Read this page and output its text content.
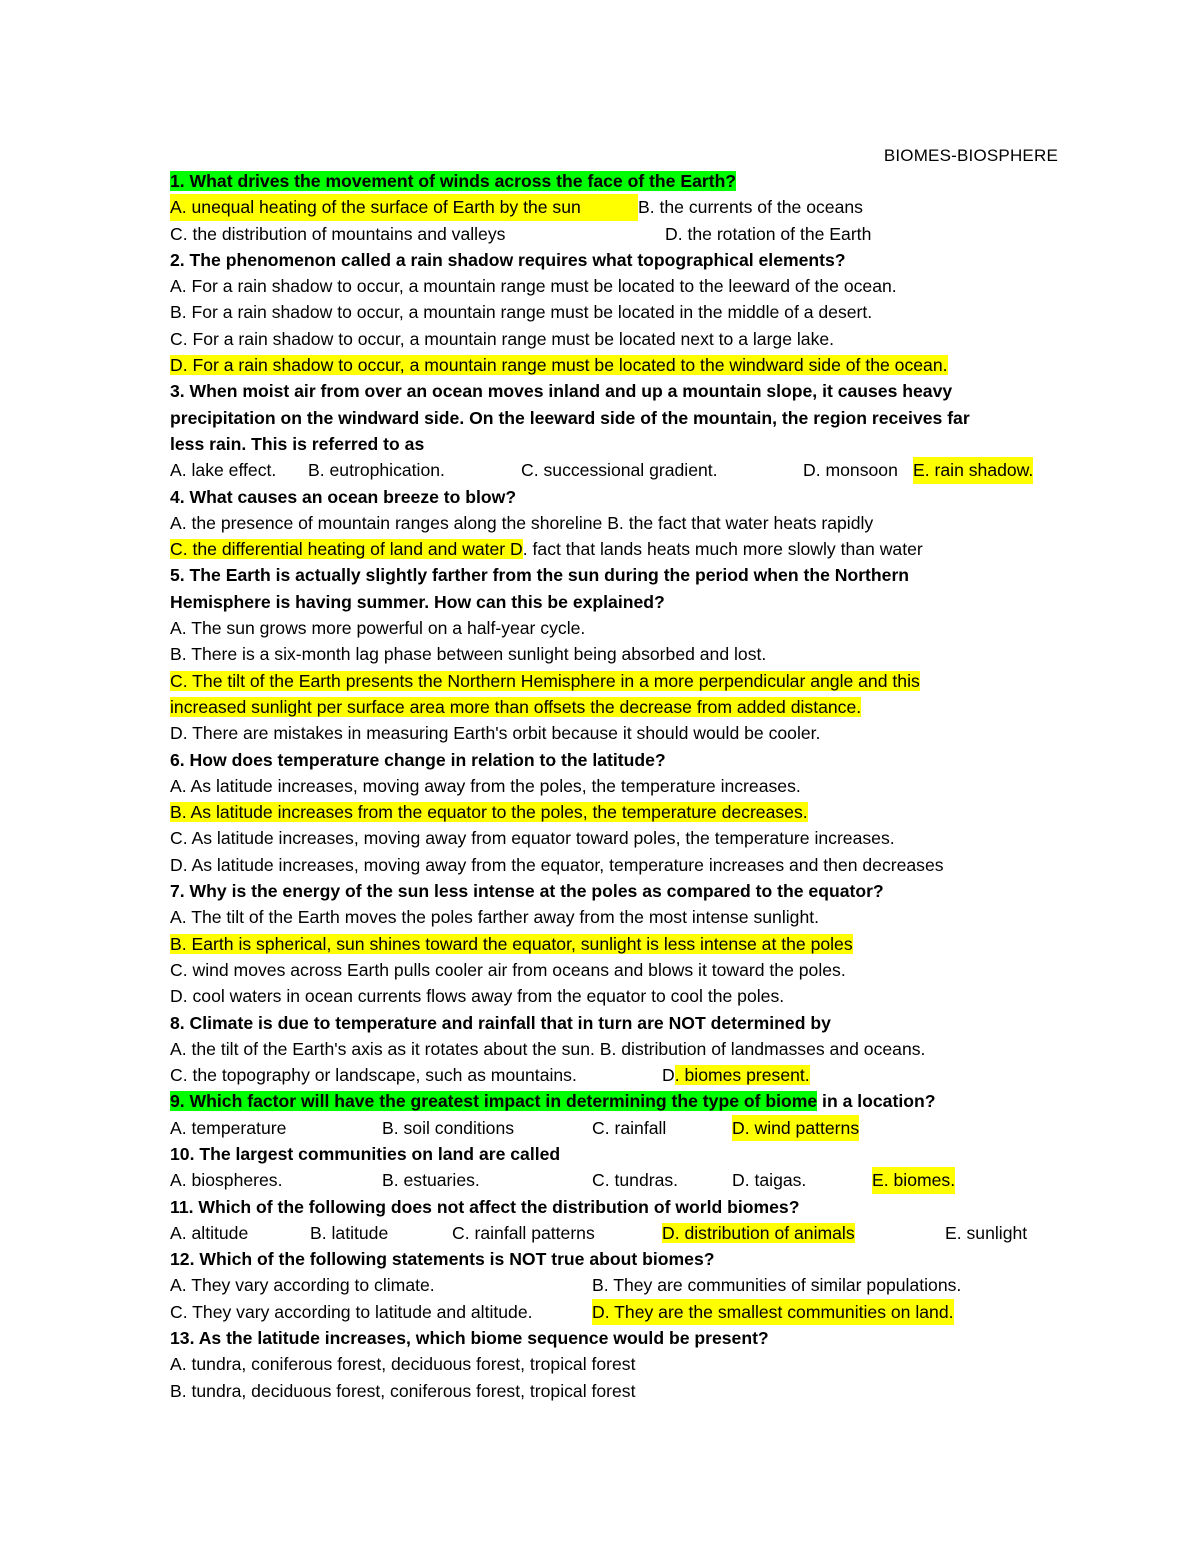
BIOMES-BIOSPHERE
1. What drives the movement of winds across the face of the Earth?
A. unequal heating of the surface of Earth by the sun	B. the currents of the oceans
C. the distribution of mountains and valleys	D. the rotation of the Earth
2. The phenomenon called a rain shadow requires what topographical elements?
A. For a rain shadow to occur, a mountain range must be located to the leeward of the ocean.
B. For a rain shadow to occur, a mountain range must be located in the middle of a desert.
C. For a rain shadow to occur, a mountain range must be located next to a large lake.
D. For a rain shadow to occur, a mountain range must be located to the windward side of the ocean.
3. When moist air from over an ocean moves inland and up a mountain slope, it causes heavy
precipitation on the windward side. On the leeward side of the mountain, the region receives far
less rain. This is referred to as
A. lake effect. B. eutrophication.	C. successional gradient.	D. monsoon E. rain shadow.
4. What causes an ocean breeze to blow?
A. the presence of mountain ranges along the shoreline B. the fact that water heats rapidly
C. the differential heating of land and water D. fact that lands heats much more slowly than water
5. The Earth is actually slightly farther from the sun during the period when the Northern
Hemisphere is having summer. How can this be explained?
A. The sun grows more powerful on a half-year cycle.
B. There is a six-month lag phase between sunlight being absorbed and lost.
C. The tilt of the Earth presents the Northern Hemisphere in a more perpendicular angle and this
increased sunlight per surface area more than offsets the decrease from added distance.
D. There are mistakes in measuring Earth's orbit because it should would be cooler.
6. How does temperature change in relation to the latitude?
A. As latitude increases, moving away from the poles, the temperature increases.
B. As latitude increases from the equator to the poles, the temperature decreases.
C. As latitude increases, moving away from equator toward poles, the temperature increases.
D. As latitude increases, moving away from the equator, temperature increases and then decreases
7. Why is the energy of the sun less intense at the poles as compared to the equator?
A. The tilt of the Earth moves the poles farther away from the most intense sunlight.
B. Earth is spherical, sun shines toward the equator, sunlight is less intense at the poles
C. wind moves across Earth pulls cooler air from oceans and blows it toward the poles.
D. cool waters in ocean currents flows away from the equator to cool the poles.
8. Climate is due to temperature and rainfall that in turn are NOT determined by
A. the tilt of the Earth's axis as it rotates about the sun. B. distribution of landmasses and oceans.
C. the topography or landscape, such as mountains.	D. biomes present.
9. Which factor will have the greatest impact in determining the type of biome in a location?
A. temperature	B. soil conditions	C. rainfall	D. wind patterns
10. The largest communities on land are called
A. biospheres.	B. estuaries.	C. tundras.	D. taigas.	E. biomes.
11. Which of the following does not affect the distribution of world biomes?
A. altitude	B. latitude	C. rainfall patterns	D. distribution of animals	E. sunlight
12. Which of the following statements is NOT true about biomes?
A. They vary according to climate.	B. They are communities of similar populations.
C. They vary according to latitude and altitude.	D. They are the smallest communities on land.
13. As the latitude increases, which biome sequence would be present?
A. tundra, coniferous forest, deciduous forest, tropical forest
B. tundra, deciduous forest, coniferous forest, tropical forest
